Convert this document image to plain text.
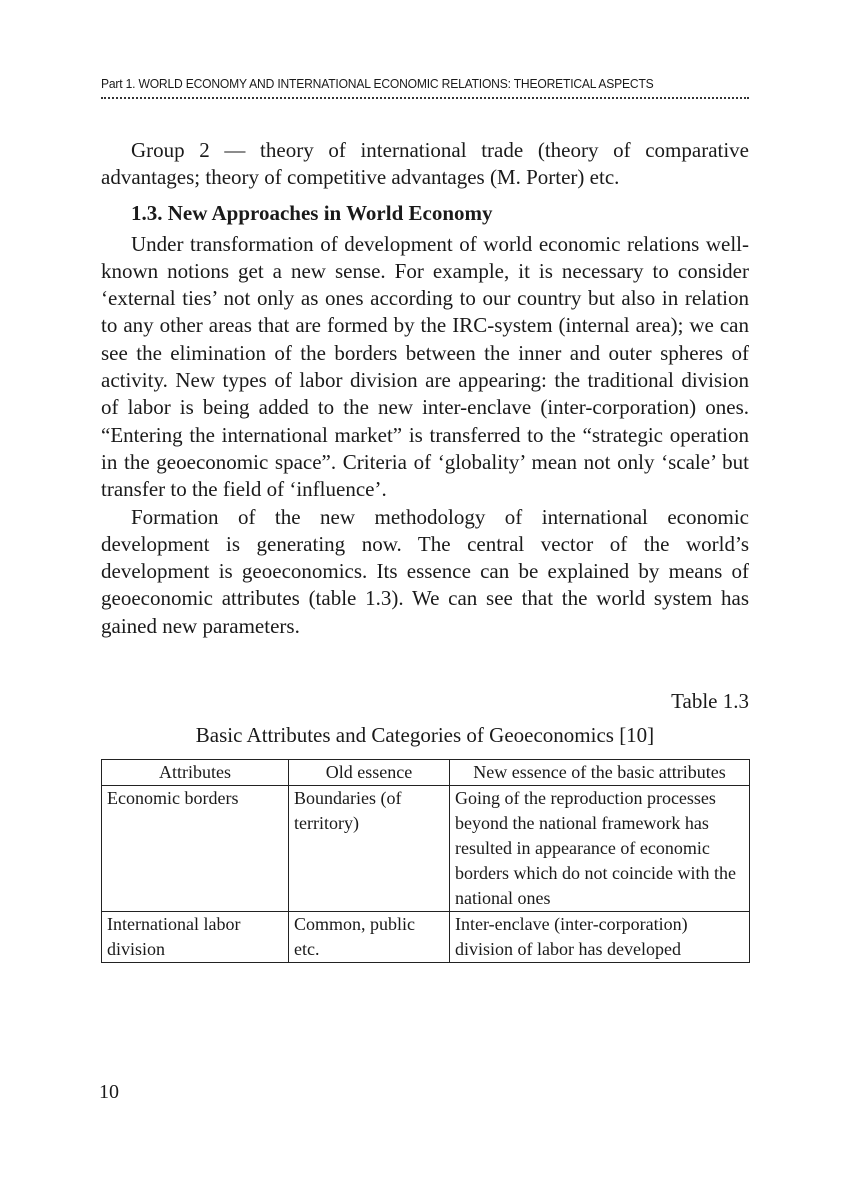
Part 1. WORLD ECONOMY AND INTERNATIONAL ECONOMIC RELATIONS: THEORETICAL ASPECTS

Group 2 — theory of international trade (theory of comparative advantages; theory of competitive advantages (M. Porter) etc.

1.3. New Approaches in World Economy

Under transformation of development of world economic relations well-known notions get a new sense. For example, it is necessary to consider ‘external ties’ not only as ones according to our country but also in relation to any other areas that are formed by the IRC-system (internal area); we can see the elimination of the borders between the inner and outer spheres of activity. New types of labor division are appearing: the traditional division of labor is being added to the new inter-enclave (inter-corporation) ones. “Entering the international market” is transferred to the “strategic operation in the geoeconomic space”. Criteria of ‘globality’ mean not only ‘scale’ but transfer to the field of ‘influence’.

Formation of the new methodology of international economic development is generating now. The central vector of the world’s development is geoeconomics. Its essence can be explained by means of geoeconomic attributes (table 1.3). We can see that the world system has gained new parameters.

Table 1.3
Basic Attributes and Categories of Geoeconomics [10]
Attributes	Old essence	New essence of the basic attributes
Economic borders	Boundaries (of territory)	Going of the reproduction processes beyond the national framework has resulted in appearance of economic borders which do not coincide with the national ones
International labor division	Common, public etc.	Inter-enclave (inter-corporation) division of labor has developed
10
